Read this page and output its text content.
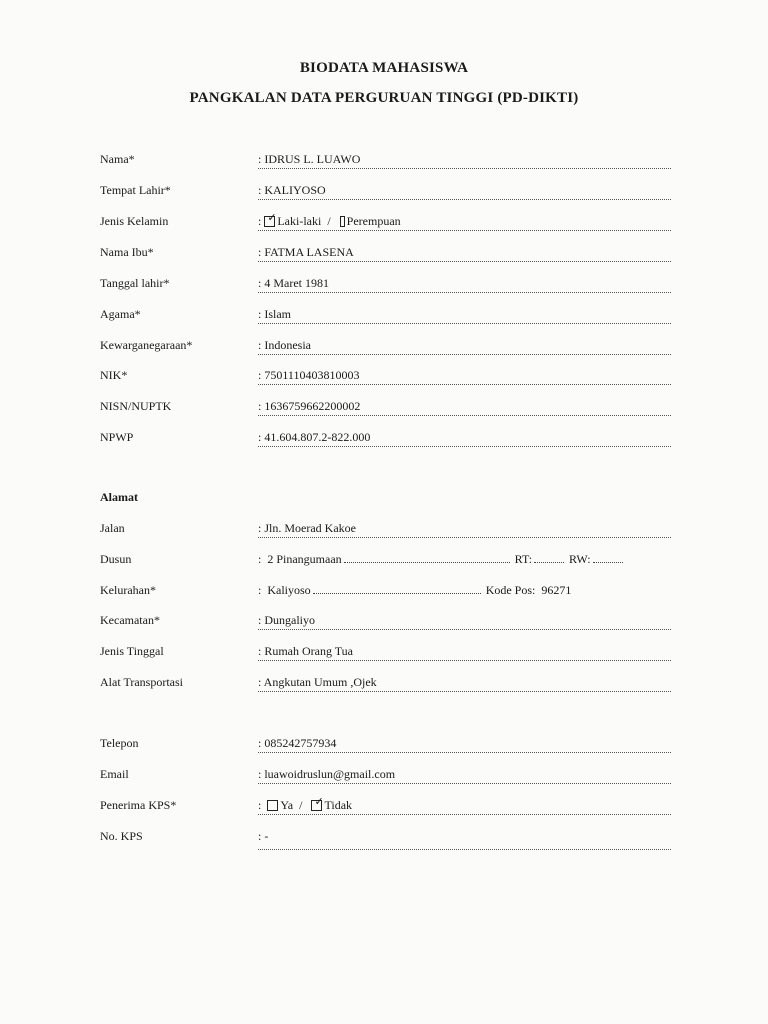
BIODATA MAHASISWA
PANGKALAN DATA PERGURUAN TINGGI (PD-DIKTI)
Nama*	: IDRUS L. LUAWO
Tempat Lahir*	: KALIYOSO
Jenis Kelamin	: ✓ Laki-laki / Perempuan
Nama Ibu*	: FATMA LASENA
Tanggal lahir*	: 4 Maret 1981
Agama*	: Islam
Kewarganegaraan*	: Indonesia
NIK*	: 7501110403810003
NISN/NUPTK	: 1636759662200002
NPWP	: 41.604.807.2-822.000
Alamat
Jalan	: Jln. Moerad Kakoe
Dusun	: 2 Pinangumaan	RT:	RW:
Kelurahan*	: Kaliyoso	Kode Pos: 96271
Kecamatan*	: Dungaliyo
Jenis Tinggal	: Rumah Orang Tua
Alat Transportasi	: Angkutan Umum ,Ojek
Telepon	: 085242757934
Email	: luawoidruslun@gmail.com
Penerima KPS*	: Ya / ✓ Tidak
No. KPS	: -
